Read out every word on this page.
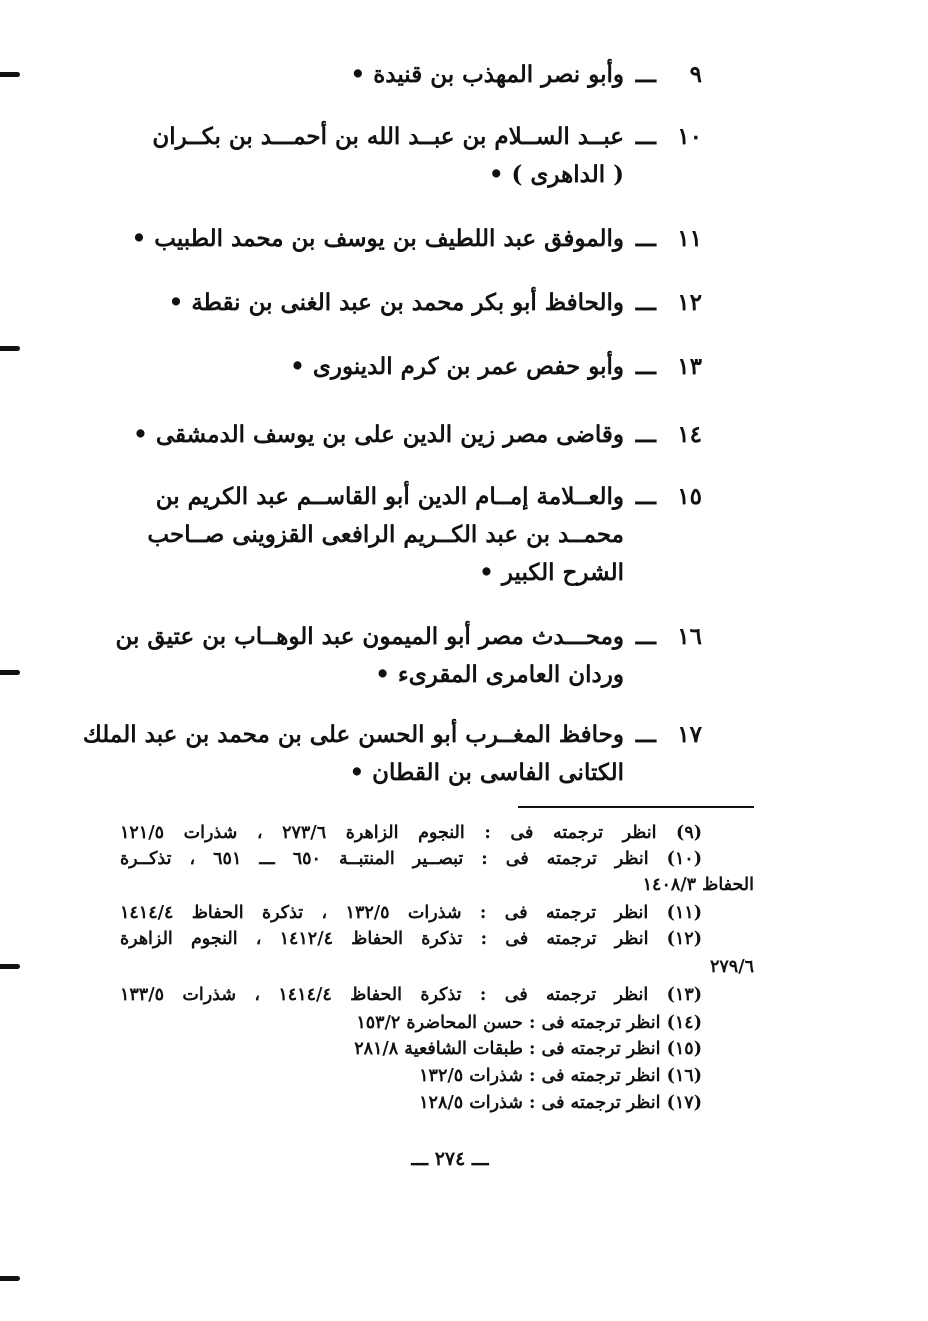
٩
ـــ
وأبو نصر المهذب بن قنيدة •
١٠
ـــ
عبــد الســلام بن عبــد الله بن أحمـــد بن بكــران
( الداهرى ) •
١١
ـــ
والموفق عبد اللطيف بن يوسف بن محمد الطبيب •
١٢
ـــ
والحافظ أبو بكر محمد بن عبد الغنى بن نقطة •
١٣
ـــ
وأبو حفص عمر بن كرم الدينورى •
١٤
ـــ
وقاضى مصر زين الدين على بن يوسف الدمشقى •
١٥
ـــ
والعــلامة إمــام الدين أبو القاســم عبد الكريم بن
محمــد بن عبد الكــريم الرافعى القزوينى صــاحب
الشرح الكبير •
١٦
ـــ
ومحـــدث مصر أبو الميمون عبد الوهــاب بن عتيق بن
وردان العامرى المقرىء •
١٧
ـــ
وحافظ المغــرب أبو الحسن على بن محمد بن عبد الملك
الكتانى الفاسى بن القطان •
(٩) انظر ترجمته فى : النجوم الزاهرة ٢٧٣/٦ ، شذرات ١٢١/٥
(١٠) انظر ترجمته فى : تبصــير المنتبــة ٦٥٠ ـــ ٦٥١ ، تذكــرة
الحفاظ ١٤٠٨/٣
(١١) انظر ترجمته فى : شذرات ١٣٢/٥ ، تذكرة الحفاظ ١٤١٤/٤
(١٢) انظر ترجمته فى : تذكرة الحفاظ ١٤١٢/٤ ، النجوم الزاهرة
٢٧٩/٦
(١٣) انظر ترجمته فى : تذكرة الحفاظ ١٤١٤/٤ ، شذرات ١٣٣/٥
(١٤) انظر ترجمته فى : حسن المحاضرة ١٥٣/٢
(١٥) انظر ترجمته فى : طبقات الشافعية ٢٨١/٨
(١٦) انظر ترجمته فى : شذرات ١٣٢/٥
(١٧) انظر ترجمته فى : شذرات ١٢٨/٥
ـــ ٢٧٤ ـــ
